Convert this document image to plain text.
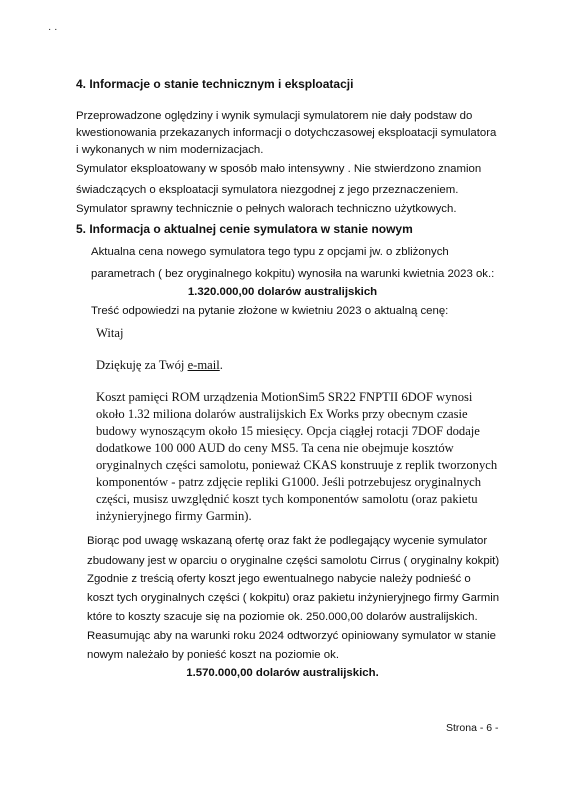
· ·
4. Informacje o stanie technicznym i eksploatacji
Przeprowadzone oględziny i wynik symulacji symulatorem nie dały podstaw do
kwestionowania przekazanych informacji o dotychczasowej eksploatacji symulatora
i wykonanych w nim modernizacjach.
Symulator eksploatowany w sposób mało intensywny . Nie stwierdzono znamion
świadczących o eksploatacji symulatora niezgodnej z jego przeznaczeniem.
Symulator sprawny technicznie o pełnych walorach techniczno użytkowych.
5. Informacja o aktualnej cenie symulatora w stanie nowym
Aktualna cena nowego symulatora tego typu z opcjami jw. o zbliżonych
parametrach ( bez oryginalnego kokpitu) wynosiła na warunki kwietnia 2023 ok.:
1.320.000,00 dolarów australijskich
Treść odpowiedzi na pytanie złożone w kwietniu 2023 o aktualną cenę:
Witaj
Dziękuję za Twój e-mail.
Koszt pamięci ROM urządzenia MotionSim5 SR22 FNPTII 6DOF wynosi
około 1.32 miliona dolarów australijskich Ex Works przy obecnym czasie
budowy wynoszącym około 15 miesięcy. Opcja ciągłej rotacji 7DOF dodaje
dodatkowe 100 000 AUD do ceny MS5. Ta cena nie obejmuje kosztów
oryginalnych części samolotu, ponieważ CKAS konstruuje z replik tworzonych
komponentów - patrz zdjęcie repliki G1000. Jeśli potrzebujesz oryginalnych
części, musisz uwzględnić koszt tych komponentów samolotu (oraz pakietu
inżynieryjnego firmy Garmin).
Biorąc pod uwagę wskazaną ofertę oraz fakt że podlegający wycenie symulator
zbudowany jest w oparciu o oryginalne części samolotu Cirrus ( oryginalny kokpit)
Zgodnie z treścią oferty koszt jego ewentualnego nabycie należy podnieść o
koszt tych oryginalnych części ( kokpitu) oraz pakietu inżynieryjnego firmy Garmin
które to koszty szacuje się na poziomie ok. 250.000,00 dolarów australijskich.
Reasumując aby na warunki roku 2024 odtworzyć opiniowany symulator w stanie
nowym należało by ponieść koszt na poziomie ok.
1.570.000,00 dolarów australijskich.
Strona - 6 -
